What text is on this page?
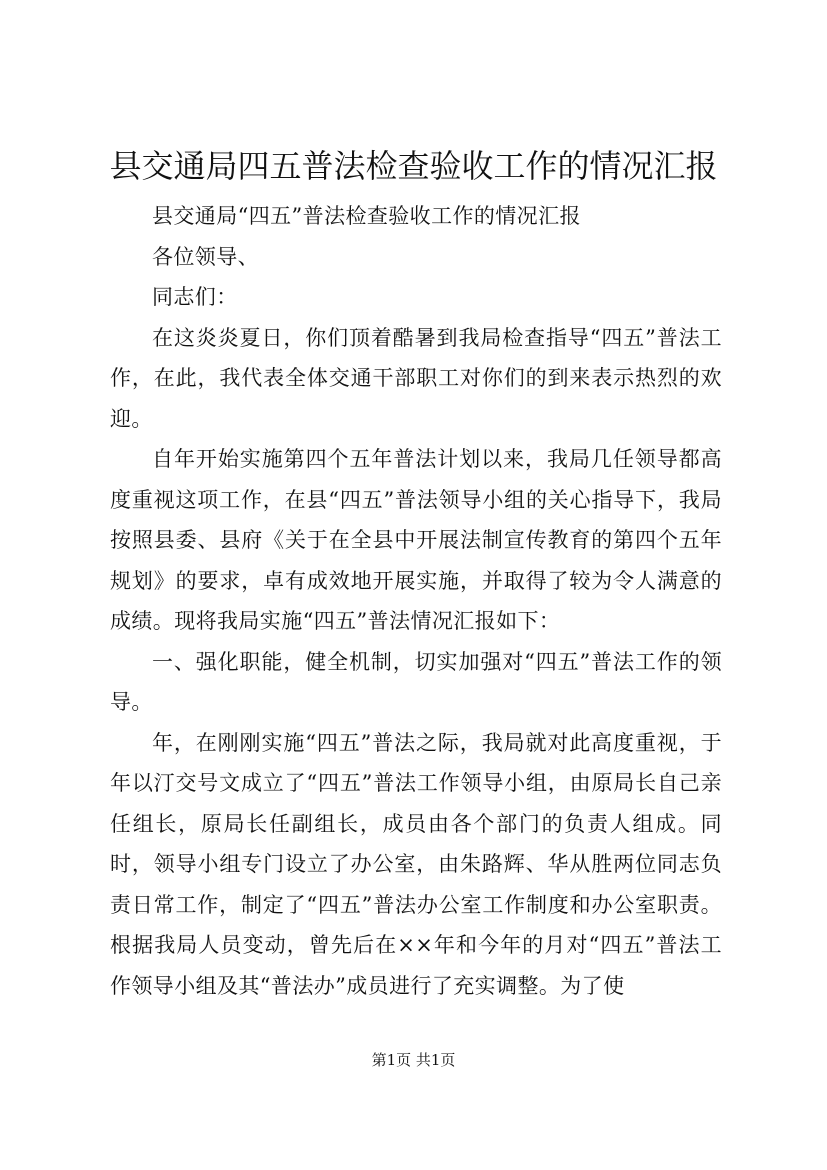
县交通局四五普法检查验收工作的情况汇报

县交通局“四五”普法检查验收工作的情况汇报

各位领导、

同志们：

在这炎炎夏日，你们顶着酷暑到我局检查指导“四五”普法工作，在此，我代表全体交通干部职工对你们的到来表示热烈的欢迎。

自年开始实施第四个五年普法计划以来，我局几任领导都高度重视这项工作，在县“四五”普法领导小组的关心指导下，我局按照县委、县府《关于在全县中开展法制宣传教育的第四个五年规划》的要求，卓有成效地开展实施，并取得了较为令人满意的成绩。现将我局实施“四五”普法情况汇报如下：

一、强化职能，健全机制，切实加强对“四五”普法工作的领导。

年，在刚刚实施“四五”普法之际，我局就对此高度重视，于年以汀交号文成立了“四五”普法工作领导小组，由原局长自己亲任组长，原局长任副组长，成员由各个部门的负责人组成。同时，领导小组专门设立了办公室，由朱路辉、华从胜两位同志负责日常工作，制定了“四五”普法办公室工作制度和办公室职责。根据我局人员变动，曾先后在××年和今年的月对“四五”普法工作领导小组及其“普法办”成员进行了充实调整。为了使

第1页 共1页
